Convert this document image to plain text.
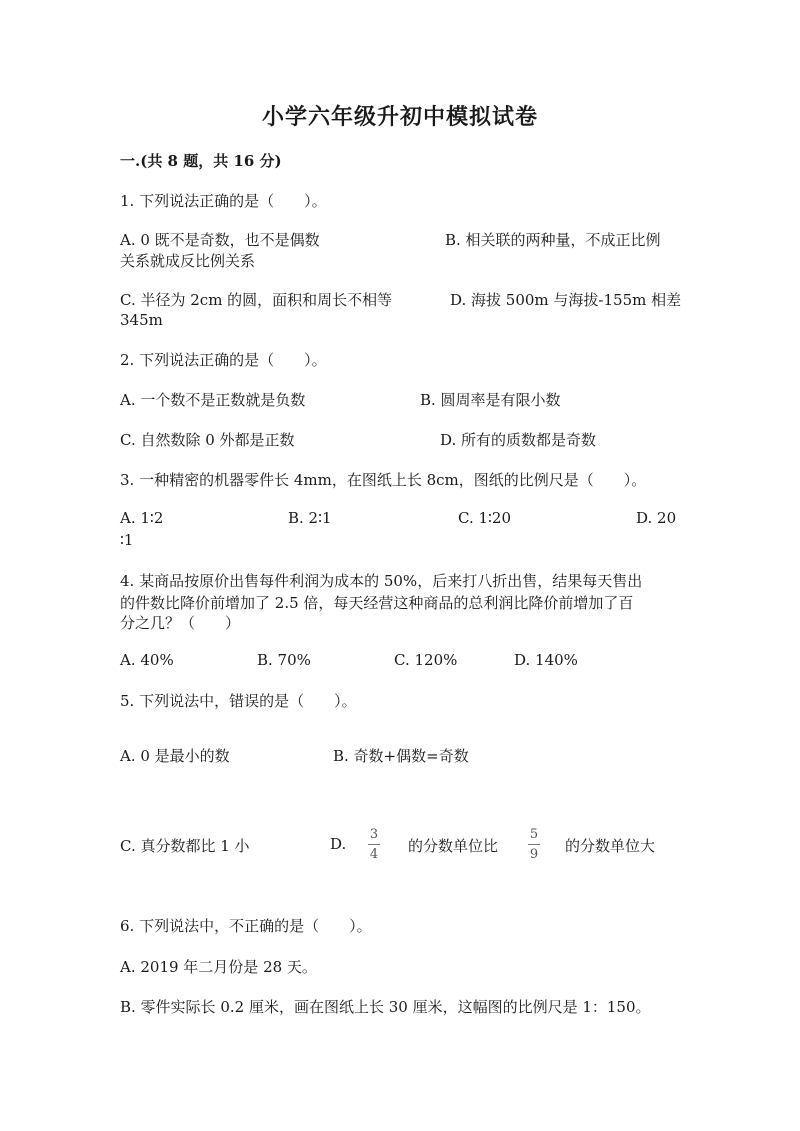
小学六年级升初中模拟试卷
一.(共 8 题，共 16 分)
1. 下列说法正确的是（　　）。
A. 0 既不是奇数，也不是偶数	B. 相关联的两种量，不成正比例
关系就成反比例关系
C. 半径为 2cm 的圆，面积和周长不相等	D. 海拔 500m 与海拔-155m 相差
345m
2. 下列说法正确的是（　　）。
A. 一个数不是正数就是负数	B. 圆周率是有限小数
C. 自然数除 0 外都是正数	D. 所有的质数都是奇数
3. 一种精密的机器零件长 4mm，在图纸上长 8cm，图纸的比例尺是（　　）。
A. 1∶2	B. 2∶1	C. 1∶20	D. 20
∶1
4. 某商品按原价出售每件利润为成本的 50%，后来打八折出售，结果每天售出
的件数比降价前增加了 2.5 倍，每天经营这种商品的总利润比降价前增加了百
分之几？（　　）
A. 40%	B. 70%	C. 120%	D. 140%
5. 下列说法中，错误的是（　　）。
A. 0 是最小的数	B. 奇数+偶数=奇数
C. 真分数都比 1 小	D.
3
4 的分数单位比
5
9 的分数单位大
6. 下列说法中，不正确的是（　　）。
A. 2019 年二月份是 28 天。
B. 零件实际长 0.2 厘米，画在图纸上长 30 厘米，这幅图的比例尺是 1：150。
